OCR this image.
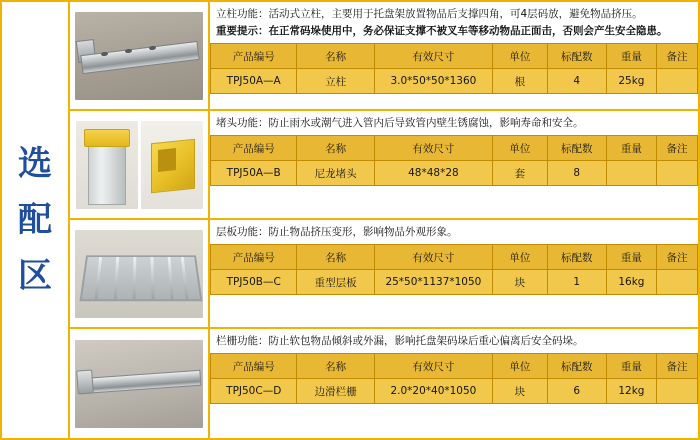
选
配
区

立柱功能：活动式立柱，主要用于托盘架放置物品后支撑四角，可4层码放，避免物品挤压。

重要提示：在正常码垛使用中，务必保证支撑不被叉车等移动物品正面击，否则会产生安全隐患。

产品编号	名称	有效尺寸	单位	标配数	重量	备注
TPJ50A—A	立柱	3.0*50*50*1360	根	4	25kg	

堵头功能：防止雨水或潮气进入管内后导致管内壁生锈腐蚀，影响寿命和安全。

产品编号	名称	有效尺寸	单位	标配数	重量	备注
TPJ50A—B	尼龙堵头	48*48*28	套	8		

层板功能：防止物品挤压变形，影响物品外观形象。

产品编号	名称	有效尺寸	单位	标配数	重量	备注
TPJ50B—C	重型层板	25*50*1137*1050	块	1	16kg	

栏栅功能：防止软包物品倾斜或外漏，影响托盘架码垛后重心偏离后安全码垛。

产品编号	名称	有效尺寸	单位	标配数	重量	备注
TPJ50C—D	边滑栏栅	2.0*20*40*1050	块	6	12kg	
